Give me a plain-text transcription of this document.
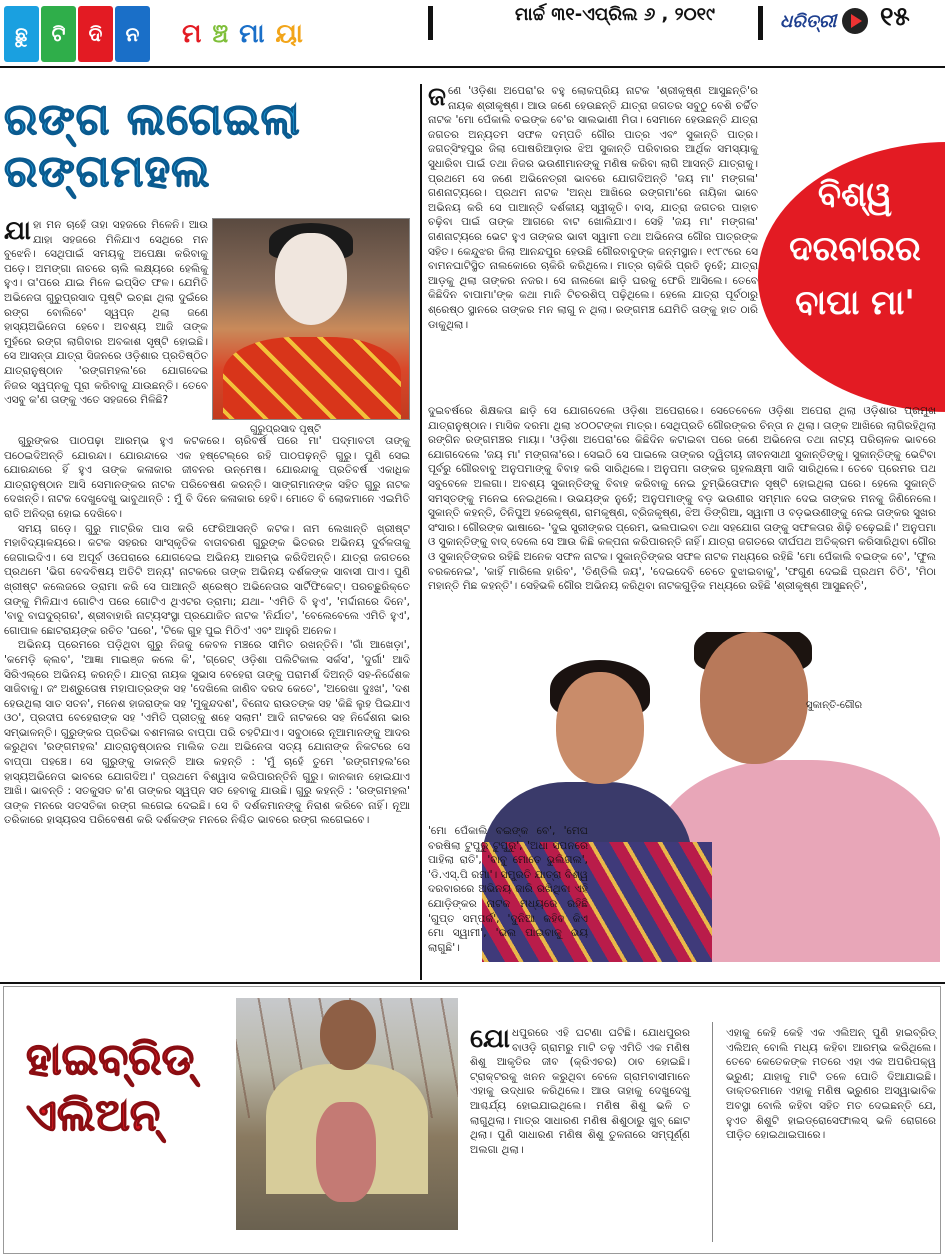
ଛୁ	ଟି	ଦି	ନ	ମ ଞ୍ଚ ମା ୟା
ମାର୍ଚ୍ଚ ୩୧-ଏପ୍ରିଲ ୬ , ୨୦୧୯	ଧରିତ୍ରୀ ୧୫
ରଙ୍ଗ ଲଗେଇଲା
ରଙ୍ଗମହଲ
ଗୁରୁପ୍ରସାଦ ପୃଷ୍ଟି
ଯାହା ମନ ଚାହେଁ ତାହା ସହଜରେ ମିଳେନି। ଆଉ ଯାହା ସହଜରେ ମିଳିଯାଏ ସେଥିରେ ମନ ବୁଝେନି। ସେଥିପାଇଁ ସମୟକୁ ଅପେକ୍ଷା କରିବାକୁ ପଡ଼େ। ଅମଙ୍ଗା ନାଚରେ ଚାଲି ଲକ୍ଷ୍ୟରେ ହେଲିକୁ ହୁଏ। ତା'ପରେ ଯାଇ ମିଳେ ଇପ୍ସିତ ଫଳ। ଯେମିତି ଅଭିନେତା ଗୁରୁପ୍ରସାଦ ପୃଷ୍ଟି ଇଚ୍ଛା ଥିଲା ଦୁଇଁରେ ରଙ୍ଗ ବୋଲିବେ' ସ୍ୱପ୍ନ ଥିଲା ଜଣେ ହାସ୍ୟଅଭିନେତା ହେବେ। ଅବଶ୍ୟ ଆଜି ତାଙ୍କ ମୁହଁରେ ରଙ୍ଗ ଲାଗିବାର ଅବକାଶ ସୃଷ୍ଟି ହୋଇଛି। ସେ ଆସନ୍ତା ଯାତ୍ରା ସିଜନରେ ଓଡ଼ିଶାର ପ୍ରତିଷ୍ଠିତ ଯାତ୍ରାନୁଷ୍ଠାନ 'ରଙ୍ଗମହଲ'ରେ ଯୋଗଦେଇ ନିଜର ସ୍ୱପ୍ନକୁ ପୂରା କରିବାକୁ ଯାଉଛନ୍ତି। ତେବେ ଏସବୁ କ'ଣ ତାଙ୍କୁ ଏତେ ସହଜରେ ମିଳିଛି?

ଗୁରୁଙ୍କର ପାଠପଢ଼ା ଆରମ୍ଭ ହୁଏ କଟକରେ। ଚାରିବର୍ଷ ପରେ ମା' ପଦ୍ମାବତୀ ତାଙ୍କୁ ପଠେଇଦିଅନ୍ତି ଯୋରନ୍ଦା। ଯୋରନ୍ଦାରେ ଏକ ହଷ୍ଟେଲ୍‌ରେ ରହି ପାଠପଢ଼ନ୍ତି ଗୁରୁ। ପୁଣି ସେଇ ଯୋରନ୍ଦାରେ ହିଁ ହୁଏ ତାଙ୍କ କଳାକାର ଜୀବନର ଉନ୍ମେଷ। ଯୋରନ୍ଦାକୁ ପ୍ରତିବର୍ଷ ଏକାଧିକ ଯାତ୍ରାନୁଷ୍ଠାନ ଆସି ସେମାନଙ୍କର ନାଟକ ପରିବେଷଣ କରନ୍ତି। ସାଙ୍ଗମାନଙ୍କ ସହିତ ଗୁରୁ ନାଟକ ଦେଖନ୍ତି। ନାଟକ ଦେଖୁଦେଖୁ ଭାବୁଥାନ୍ତି : ମୁଁ ବି ଦିନେ କଳାକାର ହେବି। ମୋତେ ବି ଲୋକମାନେ ଏଇମିତି ରାତି ଅନିଦ୍ରା ହୋଇ ଦେଖିବେ।

ସମୟ ଗଡ଼େ। ଗୁରୁ ମାଟ୍ରିକ ପାସ କରି ଫେରିଆସନ୍ତି କଟକ। ନାମ ଲେଖାନ୍ତି ଖ୍ରୀଷ୍ଟ ମହାବିଦ୍ୟାଳୟରେ। କଟକ ସହରର ସାଂସ୍କୃତିକ ବାତାବରଣ ଗୁରୁଙ୍କ ଭିତରର ଅଭିନୟ ଦୁର୍ବଳତାକୁ ଜେଗାଇଦିଏ। ସେ ଅପୂର୍ବ ଓପେରାରେ ଯୋଗଦେଇ ଅଭିନୟ ଆରମ୍ଭ କରିଦିଅନ୍ତି। ଯାତ୍ରା ଜଗତରେ ପ୍ରଥମେ 'ଭିଗ ବେଦବିଷୟ ଅତିଟି ଅନ୍ୟ' ନାଟକରେ ତାଙ୍କ ଅଭିନୟ ଦର୍ଶକଙ୍କ ସାବାସୀ ପାଏ। ପୁଣି ଖ୍ରୀଷ୍ଟ କଲେଜରେ ଡ୍ରାମା କରି ସେ ପାଆନ୍ତି ଶ୍ରେଷ୍ଠ ଅଭିନେତାର ସାର୍ଟିଫିକେଟ୍। ପରଚ୍ଛୁରିକ୍ତେ ତାଙ୍କୁ ମିଳିଯାଏ ଗୋଟିଏ ପରେ ଗୋଟିଏ ଥିଏଟର ଡ୍ରାମା; ଯଥା- 'ଏମିତି ବି ହୁଏ', 'ମର୍ଦ୍ଦାନାରେ ଦିନେ', 'ବାବୁ ବାଘଦୁର୍‌ଗର', ଶ୍ରୀବାହାରି ନାଟ୍ୟସଂସ୍ଥା ପ୍ରଯୋଜିତ ନାଟକ 'ନିର୍ଯାତ', 'ବେଲେବେଲେ ଏମିତି ହୁଏ', ଗୋପାଳ ଛୋଟରାୟଙ୍କ ରଚିତ 'ଘରେ', 'ଟିକେ ଗୁହ ପୁଇ ମିଠିଏ' ଏବଂ ଆହୁରି ଅନେକ।

ଅଭିନୟ ପ୍ରେମରେ ପଡ଼ିଥିବା ଗୁରୁ ନିଜକୁ କେବଳ ମଞ୍ଚରେ ସୀମିତ ରଖନ୍ତିନି। 'ଗାଁ ଆଖେଡ଼ା', 'କମେଡ଼ି କ୍ଲବ', 'ଆଜ୍ଞା ମାଇଞ୍ଜ କଲେ କି', 'ଗ୍ରେଟ୍ ଓଡ଼ିଶା ପଲିଟିକାଲ ସର୍କସ', 'ଦୁର୍ଗା' ଆଦି ସିରିଏଲ୍‌ରେ ଅଭିନୟ କରନ୍ତି। ଯାତ୍ରା ନାୟକ ସୁଭାସ ବେହେରା ତାଙ୍କୁ ପରାମର୍ଶ ଦିଅନ୍ତି ସହ-ନିର୍ଦ୍ଦେଶକ ସାଜିବାକୁ। ଜଂ ଅଶ୍ରୁତୋଷ ମହାପାତ୍ରଙ୍କ ସହ 'ଦେଖିଲେ ଜାଣିବ ଦରଦ କେତେ', 'ଅରେଖା ଦୁଃଖ', 'ଦଶ ହେଉଥିଲା ସାତ ସତନ', ମନେଶ ହାଜରାଙ୍କ ସହ 'ମୁକୁନ୍ଦଦଶ', ବିନୋଦ ରାଉତଙ୍କ ସହ 'କିଛି ଲୁହ ପିଇଯାଏ ଓଠ', ପ୍ରଦୀପ ବେହେରାଙ୍କ ସହ 'ଏମିତି ପ୍ରୀତ୍କୁ ଶହେ ସଲାମ' ଆଦି ନାଟକରେ ସହ ନିର୍ଦ୍ଦେଶନା ଭାର ସମ୍ଭାଳନ୍ତି। ଗୁରୁଙ୍କର ପ୍ରତିଭା ବଶମଳାର ବାପ୍ପା ପରି ଚହଟିଯାଏ। ସବୁଠାରେ ନୂଆମାନଙ୍କୁ ଆଦର କରୁଥିବା 'ରଙ୍ଗମହଲ' ଯାତ୍ରାନୁଷ୍ଠାନର ମାଲିକ ତଥା ଅଭିନେତା ସତ୍ୟ ଯୋନାଙ୍କ ନିକଟରେ ସେ ବାପ୍ପା ପହଞ୍ଚେ। ସେ ଗୁରୁଙ୍କୁ ଡାକନ୍ତି ଆଉ କହନ୍ତି : 'ମୁଁ ଚାହେଁ ତୁମେ 'ରଙ୍ଗମହଲ'ରେ ହାସ୍ୟଅଭିନେତା ଭାବରେ ଯୋଗଦିଅ।' ପ୍ରଥମେ ବିଶ୍ୱାସ କରିପାରନ୍ତିନି ଗୁରୁ। କାନକାନ ହୋଇଯାଏ ଆଖି। ଭାବନ୍ତି : ସତକୁସତ କ'ଣ ତାଙ୍କର ସ୍ୱପ୍ନ ସତ ହେବାକୁ ଯାଉଛି। ଗୁରୁ କହନ୍ତି : 'ରଙ୍ଗମହଲ' ତାଙ୍କ ମନରେ ସତସତିକା ରଙ୍ଗ ଲଗେଇ ଦେଇଛି। ସେ ବି ଦର୍ଶକମାନଙ୍କୁ ନିରାଶ କରିବେ ନାହିଁ। ନୂଆ ତରିକାରେ ହାସ୍ୟରସ ପରିବେଷଣ କରି ଦର୍ଶକଙ୍କ ମନରେ ନିଶ୍ଚିତ ଭାବରେ ରଙ୍ଗ ଲଗେଇବେ।

ବିଶ୍ୱ
ଦରବାରର
ବାପା ମା'
ଜଣେ 'ଓଡ଼ିଶା ଅପେରା'ର ବହୁ ଲୋକପ୍ରିୟ ନାଟକ 'ଶ୍ରୀକୃଷ୍ଣ ଆସୁଛନ୍ତି'ର ନାୟକ ଶ୍ରୀକୃଷ୍ଣ। ଆଉ ଜଣେ ହେଉଛନ୍ତି ଯାତ୍ରା ଜଗତର ସବୁଠୁ ବେଶି ଚର୍ଚ୍ଚିତ ନାଟକ 'ମୋ ପେଁକାଲି ବଇଙ୍କ ବେ'ର ସାଲଭାଣୀ ମିତା। ସେମାନେ ହେଉଛନ୍ତି ଯାତ୍ରା ଜଗତର ଅନ୍ୟତମ ସଫଳ ଦମ୍ପତି ଗୌର ପାତ୍ର ଏବଂ ସୁକାନ୍ତି ପାତ୍ର। ଜଗତ୍‌ସିଂହପୁର ଜିଲା ପୋଷରିଆଡ଼ାର ଝିଅ ସୁକାନ୍ତି ପରିବାରର ଆର୍ଥିକ ସମସ୍ୟାକୁ ସୁଧାରିବା ପାଇଁ ତଥା ନିଜର ଭଉଣୀମାନଙ୍କୁ ମଣିଷ କରିବା ଲାଗି ଆସନ୍ତି ଯାତ୍ରାକୁ। ପ୍ରଥମେ ସେ ଜଣେ ଅଭିନେତ୍ରୀ ଭାବରେ ଯୋଗଦିଅନ୍ତି 'ଜୟ ମା' ମଙ୍ଗଳା' ଗଣନାଟ୍ୟରେ। ପ୍ରଥମ ନାଟକ 'ଅନ୍ଧ ଆଖିରେ ରଙ୍ଗମା'ରେ ନାୟିକା ଭାବେ ଅଭିନୟ କରି ସେ ପାଆନ୍ତି ଦର୍ଶକୀୟ ସ୍ୱୀକୃତି। ବାସ୍, ଯାତ୍ରା ଜଗତର ପାହାଚ ଚଢ଼ିବା ପାଇଁ ତାଙ୍କ ଆଗରେ ବାଟ ଖୋଲିଯାଏ। ସେହି 'ଜୟ ମା' ମଙ୍ଗଳା' ଗଣନାଟ୍ୟରେ ଭେଟ ହୁଏ ତାଙ୍କର ଭାବୀ ସ୍ୱାମୀ ତଥା ଅଭିନେତା ଗୌର ପାତ୍ରଙ୍କ ସହିତ। କେନ୍ଦୁଝର ଜିଲା ଆନନ୍ଦପୁର ହେଉଛି ଗୌରବାବୁଙ୍କ ଜନ୍ମସ୍ଥାନ। ୧୯୮୯ରେ ସେ ବାମନଘାଟିସ୍ଥିତ ନାଲକୋରେ ଚାକିରି କରିଥିଲେ। ମାତ୍ର ଚାକିରି ପ୍ରତି ନୁହେଁ; ଯାତ୍ରା ଆଡ଼କୁ ଥିଲା ତାଙ୍କର ନଜର। ସେ ନାଲକୋ ଛାଡ଼ି ଘରକୁ ଫେରି ଆସିଲେ। ତେବେ କିଛିଦିନ ବାପାମା'ଙ୍କ କଥା ମାନି ଟିଚରଶିପ୍ ପଢ଼ିଥିଲେ। ହେଲେ ଯାତ୍ରା ପୂର୍ବଠାରୁ ଶ୍ରେଷ୍ଠ ସ୍ଥାନରେ ତାଙ୍କର ମନ ଲାଗୁ ନ ଥିଲା। ରଙ୍ଗମଞ୍ଚ ଯେମିତି ତାଙ୍କୁ ହାତ ଠାରି ଡାକୁଥିଲା।

ଦୁଇବର୍ଷରେ ଶିକ୍ଷକତା ଛାଡ଼ି ସେ ଯୋଗଦେଲେ ଓଡ଼ିଶା ଅପେରାରେ। ସେତେବେଳେ ଓଡ଼ିଶା ଅପେରା ଥିଲା ଓଡ଼ିଶାର ପ୍ରମୁଖ ଯାତ୍ରାନୁଷ୍ଠାନ। ମାସିକ ଦରମା ଥିଲା ୪୦୦ଟଙ୍କା ମାତ୍ର। ସେଥିପ୍ରତି ଗୌରଙ୍କର ଚିନ୍ତା ନ ଥିଲା। ତାଙ୍କ ଆଖିରେ ଲାଗିରହିଥିଲା ରଙ୍ଗିନ ରଙ୍ଗମଞ୍ଚର ମାୟା। 'ଓଡ଼ିଶା ଅପେରା'ରେ କିଛିଦିନ କଟାଇବା ପରେ ଜଣେ ଅଭିନେତା ତଥା ନାଟ୍ୟ ପରିଚାଳକ ଭାବରେ ଯୋଗଦେଲେ 'ଜୟ ମା' ମଙ୍ଗଳା'ରେ। ସେଇଠି ସେ ପାଇଲେ ତାଙ୍କର ଦ୍ୱିତୀୟ ଜୀବନସାଥୀ ସୁକାନ୍ତିଙ୍କୁ। ସୁକାନ୍ତିଙ୍କୁ ଭେଟିବା ପୂର୍ବରୁ ଗୌରବାବୁ ଅନୁପମାଙ୍କୁ ବିବାହ କରି ସାରିଥିଲେ। ଅନୁପମା ତାଙ୍କର ଗୃହଲକ୍ଷ୍ମୀ ସାଜି ସାରିଥିଲେ। ତେବେ ପ୍ରେମର ପଥ ସବୁବେଳେ ଅଲଗା। ଅବଶ୍ୟ ସୁକାନ୍ତିଙ୍କୁ ବିବାହ କରିବାକୁ ନେଇ ତୁମ୍ଭିତୋଫାନ ସୃଷ୍ଟି ହୋଇଥିଲା ଘରେ। ହେଲେ ସୁକାନ୍ତି ସମସ୍ତଙ୍କୁ ମନେଇ ନେଇଥିଲେ। ଉଭୟଙ୍କ ନୁହେଁ; ଅନୁପମାଙ୍କୁ ବଡ଼ ଭଉଣୀର ସମ୍ମାନ ଦେଇ ତାଙ୍କର ମନକୁ ଜିଣିନେଲେ। ସୁକାନ୍ତି କହନ୍ତି, ତିନିପୁଅ ହରେକୃଷ୍ଣ, ରାମକୃଷ୍ଣ, ବ୍ରିଜକୃଷ୍ଣ, ଝିଅ ଡିଙ୍ଗିଆ, ସ୍ୱାମୀ ଓ ବଡ଼ଭଉଣୀଙ୍କୁ ନେଇ ତାଙ୍କର ସୁଖର ସଂସାର। ଗୌରଙ୍କ ଭାଷାରେ- 'ଦୁଇ ସ୍ତ୍ରୀଙ୍କର ପ୍ରେମ, ଭଲପାଇବା ତଥା ସହଯୋଗ ତାଙ୍କୁ ସଫଳତାର ଶିଢ଼ି ଚଢ଼େଇଛି।' ଅନୁପମା ଓ ସୁକାନ୍ତିଙ୍କୁ ବାଦ୍ ଦେଲେ ସେ ଆଉ କିଛି କଳ୍ପନା କରିପାରନ୍ତି ନାହିଁ। ଯାତ୍ରା ଜଗତରେ ଦୀର୍ଘପଥ ଅତିକ୍ରମ କରିସାରିଥିବା ଗୌର ଓ ସୁକାନ୍ତିଙ୍କର ରହିଛି ଅନେକ ସଫଳ ନାଟକ। ସୁକାନ୍ତିଙ୍କର ସଫଳ ନାଟକ ମଧ୍ୟରେ ରହିଛି 'ମୋ ପେଁକାଲି ବଇଙ୍କ ବେ', 'ଫୁଲ ବରକନେଇ', 'କାହିଁ ମାରିଲେ ହାରିବ', 'ତିଣ୍ଡିଲି ଜୟ', 'ଦେଇଦେବି ଚେତେ ବୁଝାଇବାକୁ', 'ଫଗୁଣ ଦେଇଛି ପ୍ରଥମ ଚିଠି', 'ମିଠା ମହାନ୍ତି ମିଛ କହନ୍ତି'। ସେହିଭଳି ଗୌର ଅଭିନୟ କରିଥିବା ନାଟକଗୁଡ଼ିକ ମଧ୍ୟରେ ରହିଛି 'ଶ୍ରୀକୃଷ୍ଣ ଆସୁଛନ୍ତି',

ସୁକାନ୍ତି-ଗୌର

'ମୋ ପେଁକାଲି ବଇଙ୍କ ବେ', 'ମେଘ ବରଷିଲା ଟୁପୁରୁ ଟୁପୁରୁ', 'ଅଧା ସପନରେ ପାହିଲା ରାତି', 'ବାବୁ ମୋତେ ଭୁଲିଗଲ', 'ଡି.ଏସ୍.ପି ରମା'। ସମ୍ପ୍ରତି ଯାତ୍ରା ବିଶ୍ୱ ଦରବାରରେ ଅଭିନୟ ଜାରି ରଖିଥିବା ଏହି ଯୋଡ଼ିଙ୍କର ନାଟକ ମଧ୍ୟରେ ରହିଛି 'ଗୁପ୍ତ ସମ୍ପର୍କ', 'ଦୁନିଆ କହିବ କିଏ ମୋ ସ୍ୱାମୀ', 'ଭଲ ପାଇବାକୁ ଭୟ ଲାଗୁଛି'।

ହାଇବ୍ରିଡ୍
ଏଲିଅନ୍
ଯୋଧପୁରରେ ଏହି ଘଟଣା ଘଟିଛି। ଯୋଧପୁରର ବାଓଡ଼ି ଗ୍ରାମରୁ ମାଟି ତଳୁ ଏମିତି ଏକ ମଣିଷ ଶିଶୁ ଆକୃତିର ଜୀବ (କ୍ରିଏଚର) ଠାବ ହୋଇଛି। ଟ୍ରାକ୍ଟରକୁ ଖନନ କରୁଥିବା ବେଳେ ଗ୍ରାମବାସୀମାନେ ଏହାକୁ ଉଦ୍ଧାର କରିଥିଲେ। ଆଉ ତାହାକୁ ଦେଖୁଦେଖୁ ଆଶ୍ଚର୍ଯ୍ୟ ହୋଇଯାଇଥିଲେ। ମଣିଷ ଶିଶୁ ଭଳି ତ ଲାଗୁଥିଲା। ମାତ୍ର ସାଧାରଣ ମଣିଷ ଶିଶୁଠାରୁ ଖୁବ୍ ଛୋଟ ଥିଲା। ପୁଣି ସାଧାରଣ ମଣିଷ ଶିଶୁ ତୁଳନାରେ ସମ୍ପୂର୍ଣ୍ଣ ଅଲଗା ଥିଲା।

ଏହାକୁ କେହି କେହି ଏକ ଏଲିଅନ୍ ପୁଣି ହାଇବ୍ରିଡ୍ ଏଲିଅନ୍ ବୋଲି ମଧ୍ୟ କହିବା ଆରମ୍ଭ କରିଥିଲେ। ତେବେ କେତେକଙ୍କ ମତରେ ଏହା ଏକ ଅପରିପକ୍ୱ ଭ୍ରୁଣ; ଯାହାକୁ ମାଟି ତଳେ ପୋତି ଦିଆଯାଇଛି। ଡାକ୍ତରମାନେ ଏହାକୁ ମଣିଷ ଭ୍ରୁଣର ଅସ୍ୱାଭାବିକ ଅବସ୍ଥା ବୋଲି କହିବା ସହିତ ମତ ଦେଇଛନ୍ତି ଯେ, ହୁଏତ ଶିଶୁଟି ହାଇଡ୍ରୋସେଫାଲସ୍ ଭଳି ରୋଗରେ ପୀଡ଼ିତ ହୋଇଥାଇପାରେ।
